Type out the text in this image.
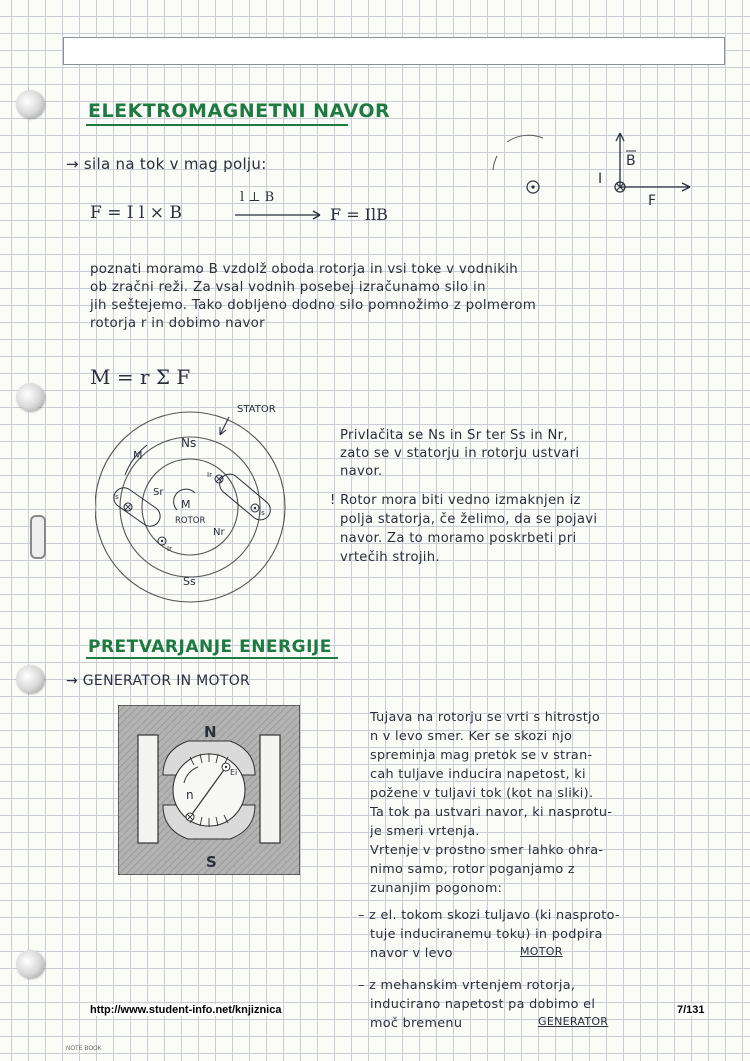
ELEKTROMAGNETNI NAVOR
→ sila na tok v mag polju:
F = I l × B
l ⊥ B
F = IlB
B
I
F
poznati moramo B vzdolž oboda rotorja in vsi toke v vodnikih
ob zračni reži. Za vsal vodnih posebej izračunamo silo in
jih seštejemo. Tako dobljeno dodno silo pomnožimo z polmerom
rotorja r in dobimo navor
M = r Σ F
STATOR
Ns
Sr
Nr
Ss
ROTOR
M
M
Is
Ir
Ir
Is
Privlačita se Ns in Sr ter Ss in Nr,
zato se v statorju in rotorju ustvari
navor.
! Rotor mora biti vedno izmaknjen iz
polja statorja, če želimo, da se pojavi
navor. Za to moramo poskrbeti pri
vrtečih strojih.
PRETVARJANJE ENERGIJE
→ GENERATOR IN MOTOR
N
S
n
Ei
Tujava na rotorju se vrti s hitrostjo
n v levo smer. Ker se skozi njo
spreminja mag pretok se v stran-
cah tuljave inducira napetost, ki
požene v tuljavi tok (kot na sliki).
Ta tok pa ustvari navor, ki nasprotu-
je smeri vrtenja.
Vrtenje v prostno smer lahko ohra-
nimo samo, rotor poganjamo z
zunanjim pogonom:
– z el. tokom skozi tuljavo (ki nasproto-
tuje induciranemu toku) in podpira
navor v levo	MOTOR
– z mehanskim vrtenjem rotorja,
inducirano napetost pa dobimo el
moč bremenu	GENERATOR
http://www.student-info.net/knjiznica	7/131
NOTE BOOK
